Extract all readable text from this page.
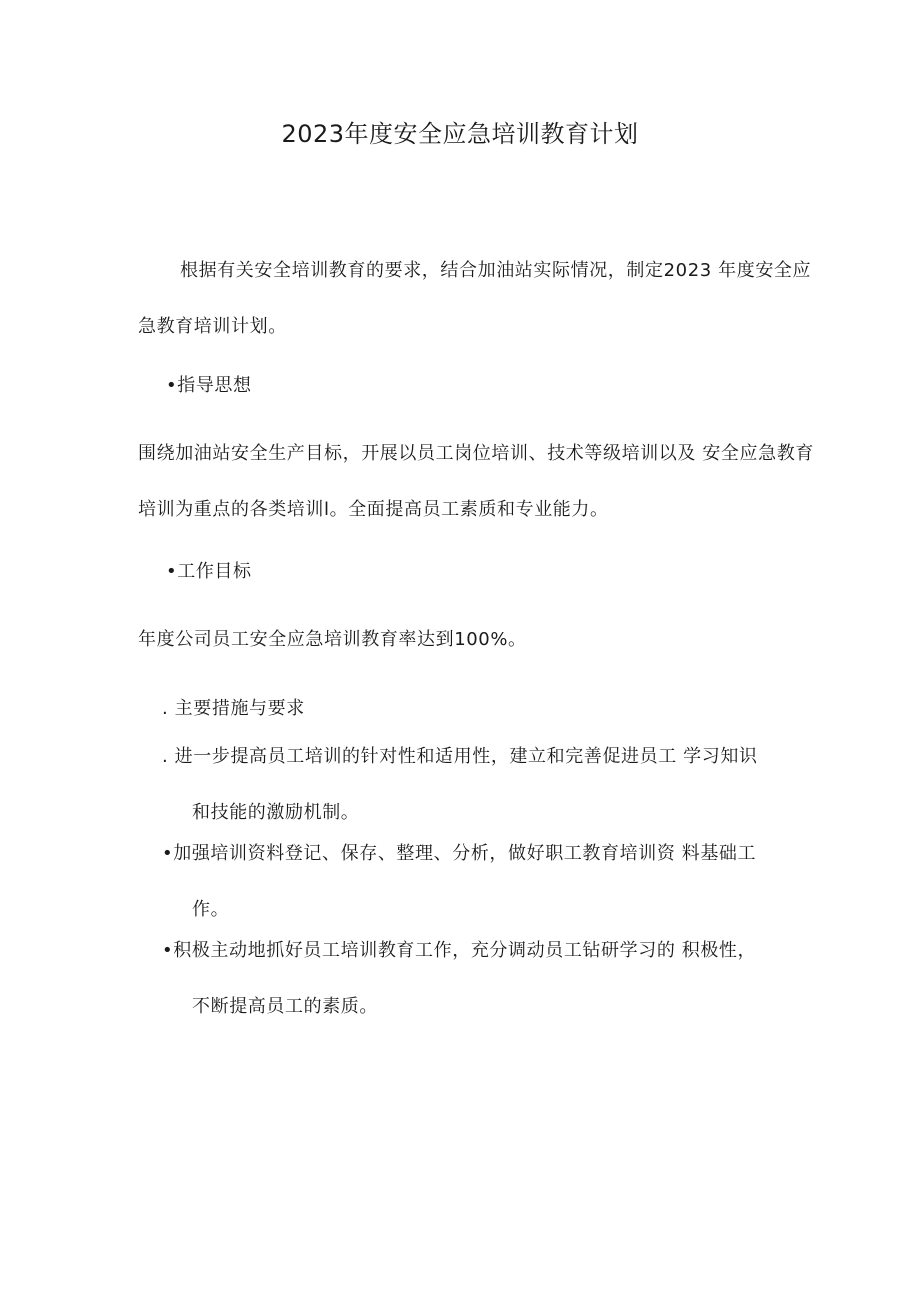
2023年度安全应急培训教育计划
根据有关安全培训教育的要求，结合加油站实际情况，制定2023 年度安全应急教育培训计划。
•指导思想
围绕加油站安全生产目标，开展以员工岗位培训、技术等级培训以及 安全应急教育培训为重点的各类培训l。全面提高员工素质和专业能力。
•工作目标
年度公司员工安全应急培训教育率达到100%。
. 主要措施与要求
. 进一步提高员工培训的针对性和适用性，建立和完善促进员工 学习知识
和技能的激励机制。
•加强培训资料登记、保存、整理、分析，做好职工教育培训资 料基础工
作。
•积极主动地抓好员工培训教育工作，充分调动员工钻研学习的 积极性，
不断提高员工的素质。
